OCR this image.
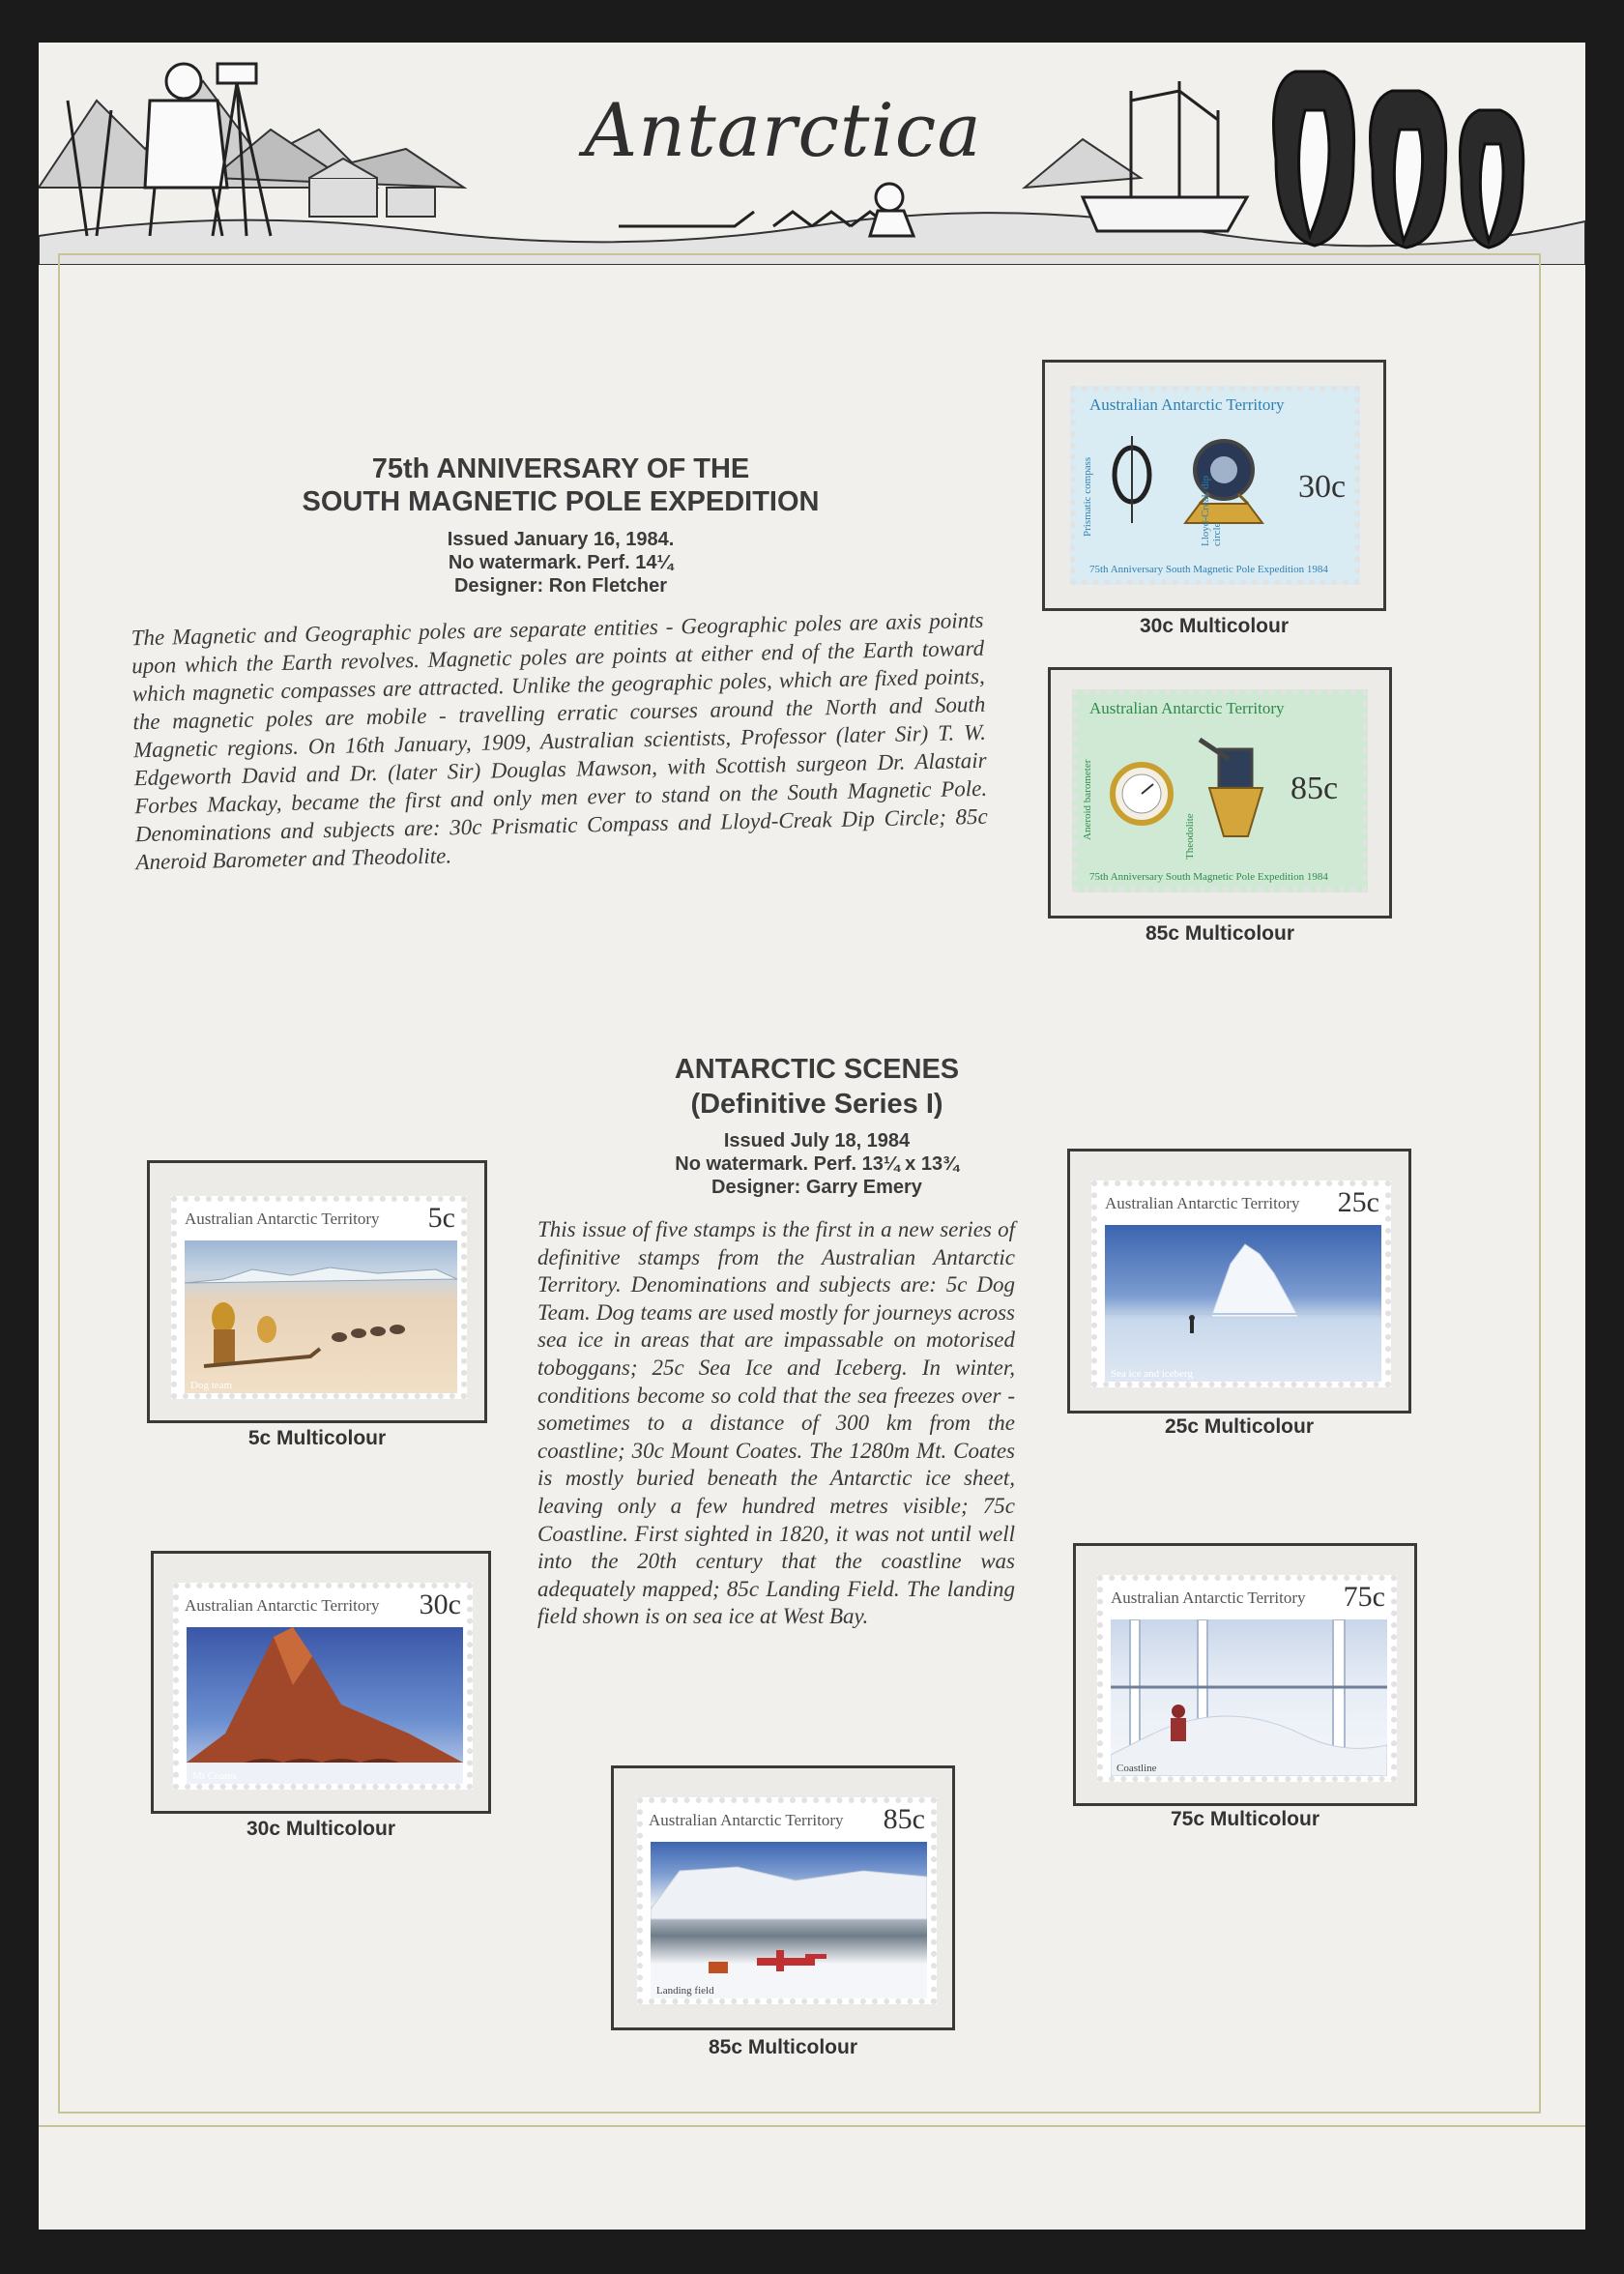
Antarctica
75th ANNIVERSARY OF THE
SOUTH MAGNETIC POLE EXPEDITION
Issued January 16, 1984.
No watermark. Perf. 14¼
Designer: Ron Fletcher
The Magnetic and Geographic poles are separate entities - Geographic poles are axis points upon which the Earth revolves. Magnetic poles are points at either end of the Earth toward which magnetic compasses are attracted. Unlike the geographic poles, which are fixed points, the magnetic poles are mobile - travelling erratic courses around the North and South Magnetic regions. On 16th January, 1909, Australian scientists, Professor (later Sir) T. W. Edgeworth David and Dr. (later Sir) Douglas Mawson, with Scottish surgeon Dr. Alastair Forbes Mackay, became the first and only men ever to stand on the South Magnetic Pole. Denominations and subjects are: 30c Prismatic Compass and Lloyd-Creak Dip Circle; 85c Aneroid Barometer and Theodolite.
Australian Antarctic Territory
Prismatic compass	Lloyd-Creak dip circle
30c
75th Anniversary South Magnetic Pole Expedition 1984
30c Multicolour
Australian Antarctic Territory
Aneroid barometer	Theodolite
85c
75th Anniversary South Magnetic Pole Expedition 1984
85c Multicolour
ANTARCTIC SCENES
(Definitive Series I)
Issued July 18, 1984
No watermark. Perf. 13¼ x 13¾
Designer: Garry Emery
This issue of five stamps is the first in a new series of definitive stamps from the Australian Antarctic Territory. Denominations and subjects are: 5c Dog Team. Dog teams are used mostly for journeys across sea ice in areas that are impassable on motorised toboggans; 25c Sea Ice and Iceberg. In winter, conditions become so cold that the sea freezes over - sometimes to a distance of 300 km from the coastline; 30c Mount Coates. The 1280m Mt. Coates is mostly buried beneath the Antarctic ice sheet, leaving only a few hundred metres visible; 75c Coastline. First sighted in 1820, it was not until well into the 20th century that the coastline was adequately mapped; 85c Landing Field. The landing field shown is on sea ice at West Bay.
Australian Antarctic Territory 5c
Dog team
5c Multicolour
Australian Antarctic Territory 25c
Sea ice and iceberg
25c Multicolour
Australian Antarctic Territory 30c
Mt Coates
30c Multicolour
Australian Antarctic Territory 75c
Coastline
75c Multicolour
Australian Antarctic Territory 85c
Landing field
85c Multicolour
